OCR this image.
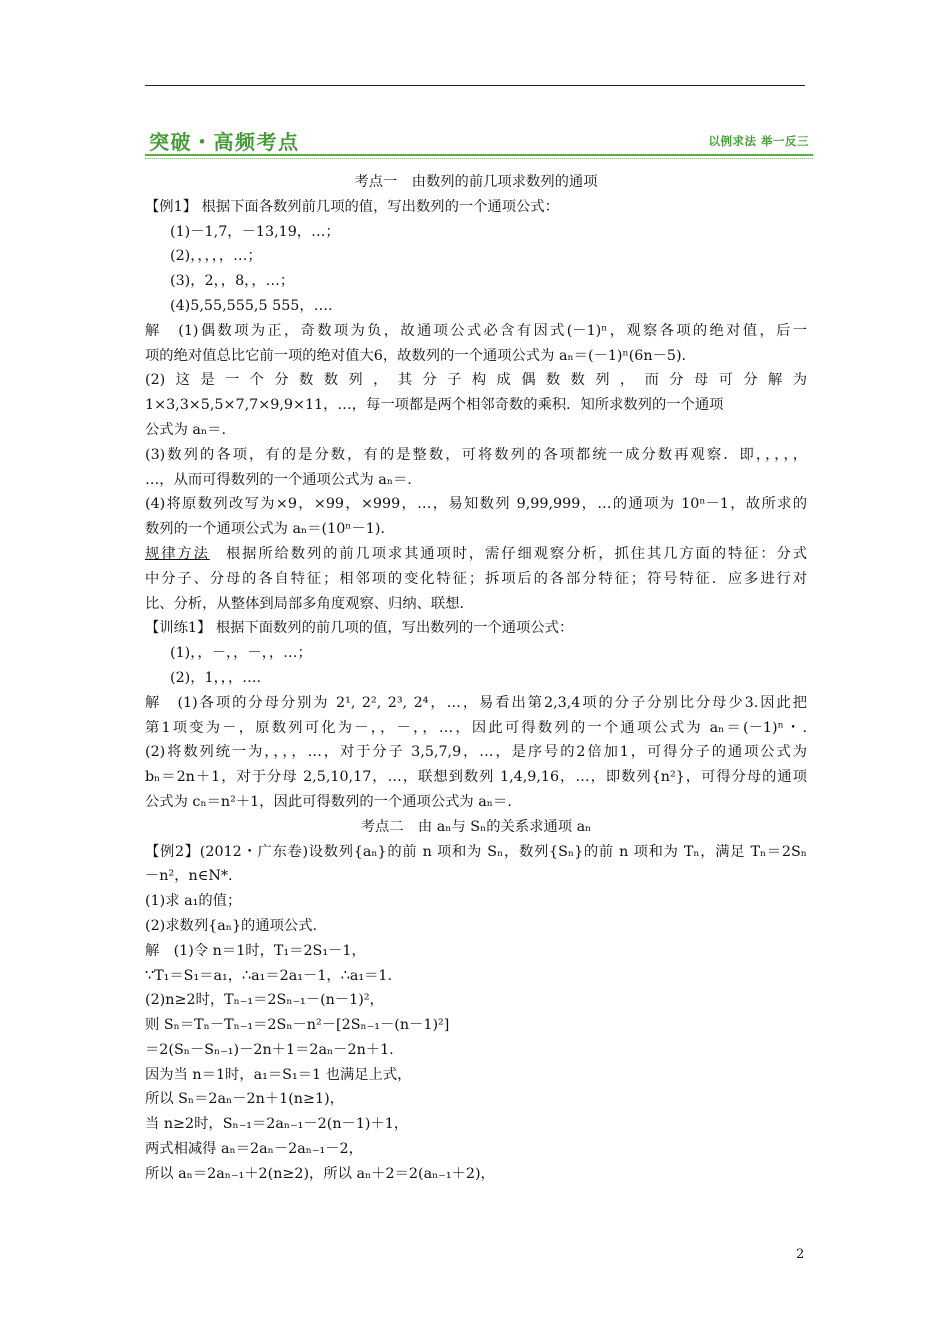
突破・高频考点	以例求法 举一反三
考点一　由数列的前几项求数列的通项
【例1】 根据下面各数列前几项的值，写出数列的一个通项公式：
(1)－1,7，－13,19，…；
(2)，，，，，…；
(3)，2，，8，，…；
(4)5,55,555,5 555，….
解　(1)偶数项为正，奇数项为负，故通项公式必含有因式(－1)ⁿ，观察各项的绝对值，后一
项的绝对值总比它前一项的绝对值大6，故数列的一个通项公式为 aₙ＝(－1)ⁿ(6n－5)．
(2)这是一个分数数列，其分子构成偶数数列，而分母可分解为
1×3,3×5,5×7,7×9,9×11，…，每一项都是两个相邻奇数的乘积．知所求数列的一个通项
公式为 aₙ＝.
(3)数列的各项，有的是分数，有的是整数，可将数列的各项都统一成分数再观察．即，，，，，
…，从而可得数列的一个通项公式为 aₙ＝.
(4)将原数列改写为×9，×99，×999，…，易知数列 9,99,999，…的通项为 10ⁿ－1，故所求的
数列的一个通项公式为 aₙ＝(10ⁿ－1)．
规律方法　根据所给数列的前几项求其通项时，需仔细观察分析，抓住其几方面的特征：分式
中分子、分母的各自特征；相邻项的变化特征；拆项后的各部分特征；符号特征．应多进行对
比、分析，从整体到局部多角度观察、归纳、联想．
【训练1】 根据下面数列的前几项的值，写出数列的一个通项公式：
(1)，，－，，－，，…；
(2)，1，，，….
解　(1)各项的分母分别为 2¹, 2², 2³, 2⁴，…，易看出第2,3,4项的分子分别比分母少3.因此把
第1项变为－，原数列可化为－，，－，，…，因此可得数列的一个通项公式为 aₙ＝(－1)ⁿ・.
(2)将数列统一为，，，，…，对于分子 3,5,7,9，…，是序号的2倍加1，可得分子的通项公式为
bₙ＝2n＋1，对于分母 2,5,10,17，…，联想到数列 1,4,9,16，…，即数列{n²}，可得分母的通项
公式为 cₙ＝n²＋1，因此可得数列的一个通项公式为 aₙ＝.
考点二　由 aₙ与 Sₙ的关系求通项 aₙ
【例2】(2012・广东卷)设数列{aₙ}的前 n 项和为 Sₙ，数列{Sₙ}的前 n 项和为 Tₙ，满足 Tₙ＝2Sₙ
－n²，n∈N*.
(1)求 a₁的值；
(2)求数列{aₙ}的通项公式.
解　(1)令 n＝1时，T₁＝2S₁－1，
∵T₁＝S₁＝a₁，∴a₁＝2a₁－1，∴a₁＝1.
(2)n≥2时，Tₙ₋₁＝2Sₙ₋₁－(n－1)²，
则 Sₙ＝Tₙ－Tₙ₋₁＝2Sₙ－n²－[2Sₙ₋₁－(n－1)²]
＝2(Sₙ－Sₙ₋₁)－2n＋1＝2aₙ－2n＋1.
因为当 n＝1时，a₁＝S₁＝1 也满足上式，
所以 Sₙ＝2aₙ－2n＋1(n≥1)，
当 n≥2时，Sₙ₋₁＝2aₙ₋₁－2(n－1)＋1，
两式相减得 aₙ＝2aₙ－2aₙ₋₁－2，
所以 aₙ＝2aₙ₋₁＋2(n≥2)，所以 aₙ＋2＝2(aₙ₋₁＋2)，
2
